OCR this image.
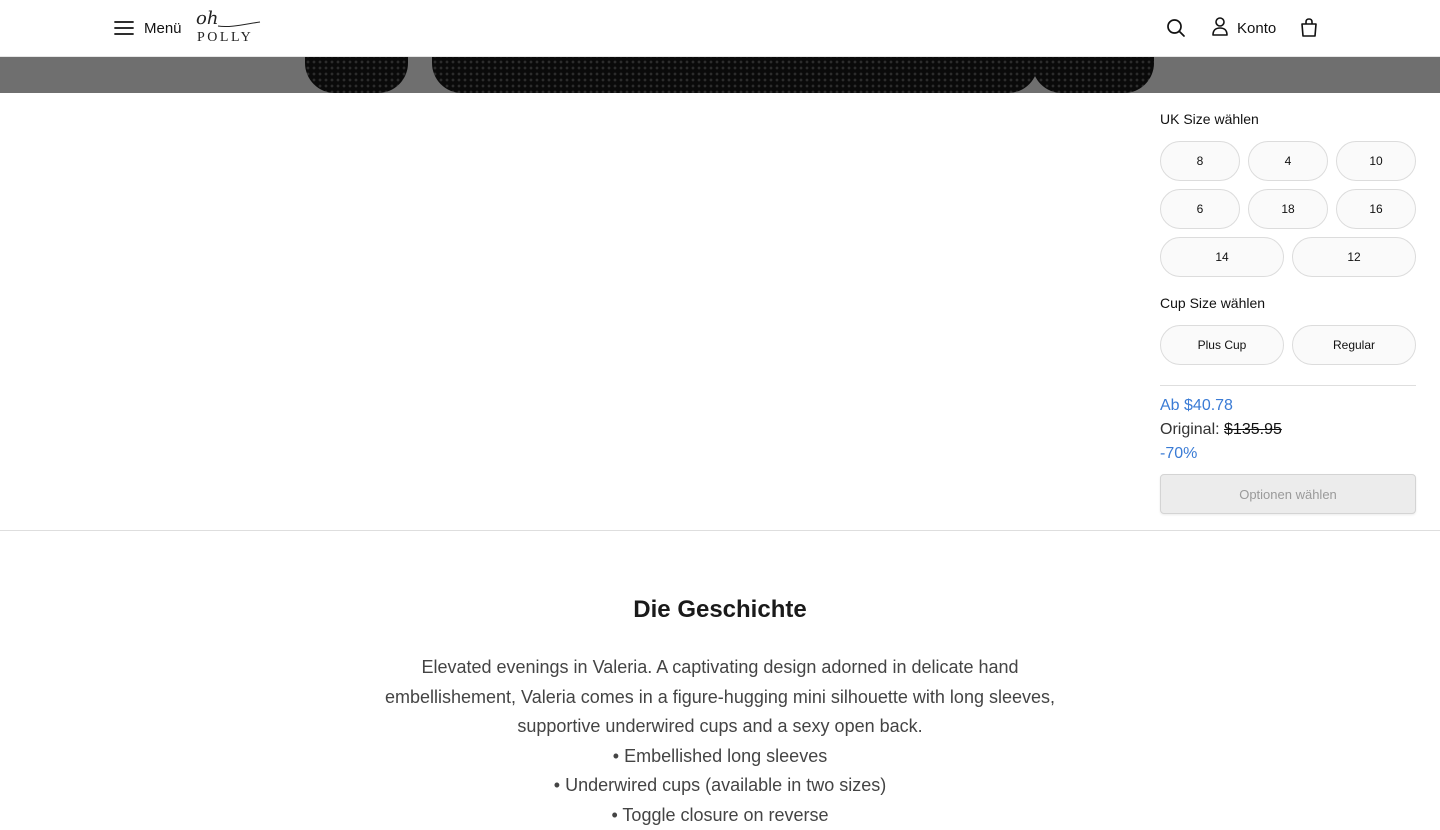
Menü oh
POLLY
Konto
UK Size wählen
8	4	10
6	18	16
14	12
Cup Size wählen
Plus Cup	Regular
Ab $40.78
Original: $135.95
-70%
Optionen wählen
Die Geschichte

Elevated evenings in Valeria. A captivating design adorned in delicate hand embellishement, Valeria comes in a figure-hugging mini silhouette with long sleeves, supportive underwired cups and a sexy open back.

• Embellished long sleeves

• Underwired cups (available in two sizes)

• Toggle closure on reverse
